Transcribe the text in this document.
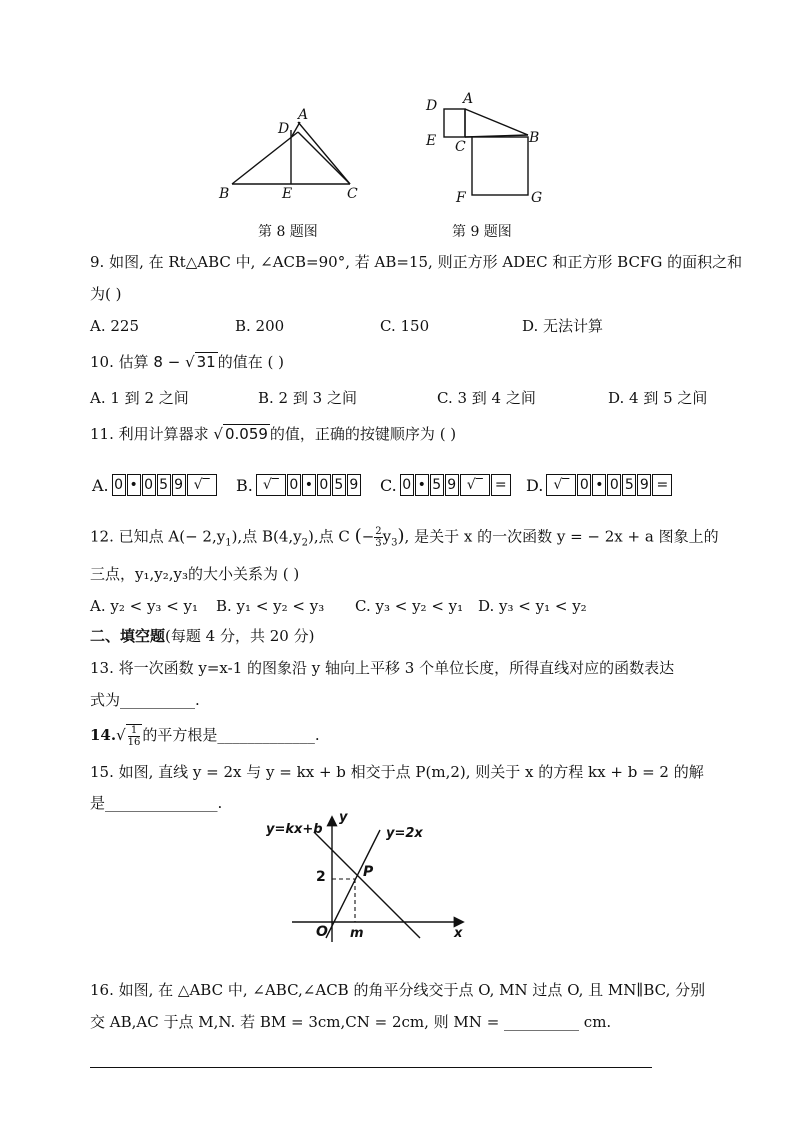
A
D
B	E	C
第 8 题图
D A
E C
B
F	G
第 9 题图
9. 如图, 在 Rt△ABC 中, ∠ACB=90°, 若 AB=15, 则正方形 ADEC 和正方形 BCFG 的面积之和
为( )
A. 225	B. 200	C. 150	D. 无法计算
10. 估算 8 − √ 31 的值在 ( )
A. 1 到 2 之间	B. 2 到 3 之间	C. 3 到 4 之间	D. 4 到 5 之间
11. 利用计算器求 √ 0.059 的值，正确的按键顺序为 ( )
A. 0 • 0 5 9 √‾	B. √‾ 0 • 0 5 9 C. 0 • 5 9 √‾ =	D. √‾ 0 • 0 5 9 =
12. 已知点 $A(- 2,y_1)$,点 $B(4,y_2)$,点 C (− $\frac{2}{3}y_3$), 是关于 x 的一次函数 y = − 2x + a 图象上的
三点，y₁,y₂,y₃的大小关系为 ( )
A. y₂ < y₃ < y₁ B. y₁ < y₂ < y₃ C. y₃ < y₂ < y₁ D. y₃ < y₁ < y₂
二、填空题(每题 4 分，共 20 分)
13. 将一次函数 y=x-1 的图象沿 y 轴向上平移 3 个单位长度，所得直线对应的函数表达
式为__________.
$14.√ \frac{1}{16}$的平方根是_____________.
15. 如图, 直线 y = 2x 与 y = kx + b 相交于点 P(m,2), 则关于 x 的方程 kx + b = 2 的解
是_______________.
y=kx+b	y=2x
y
x
O
P
m
2
16. 如图, 在 △ABC 中, ∠ABC,∠ACB 的角平分线交于点 O, MN 过点 O, 且 MN∥BC, 分别
交 AB,AC 于点 M,N. 若 BM = 3cm,CN = 2cm, 则 MN = __________ cm.
